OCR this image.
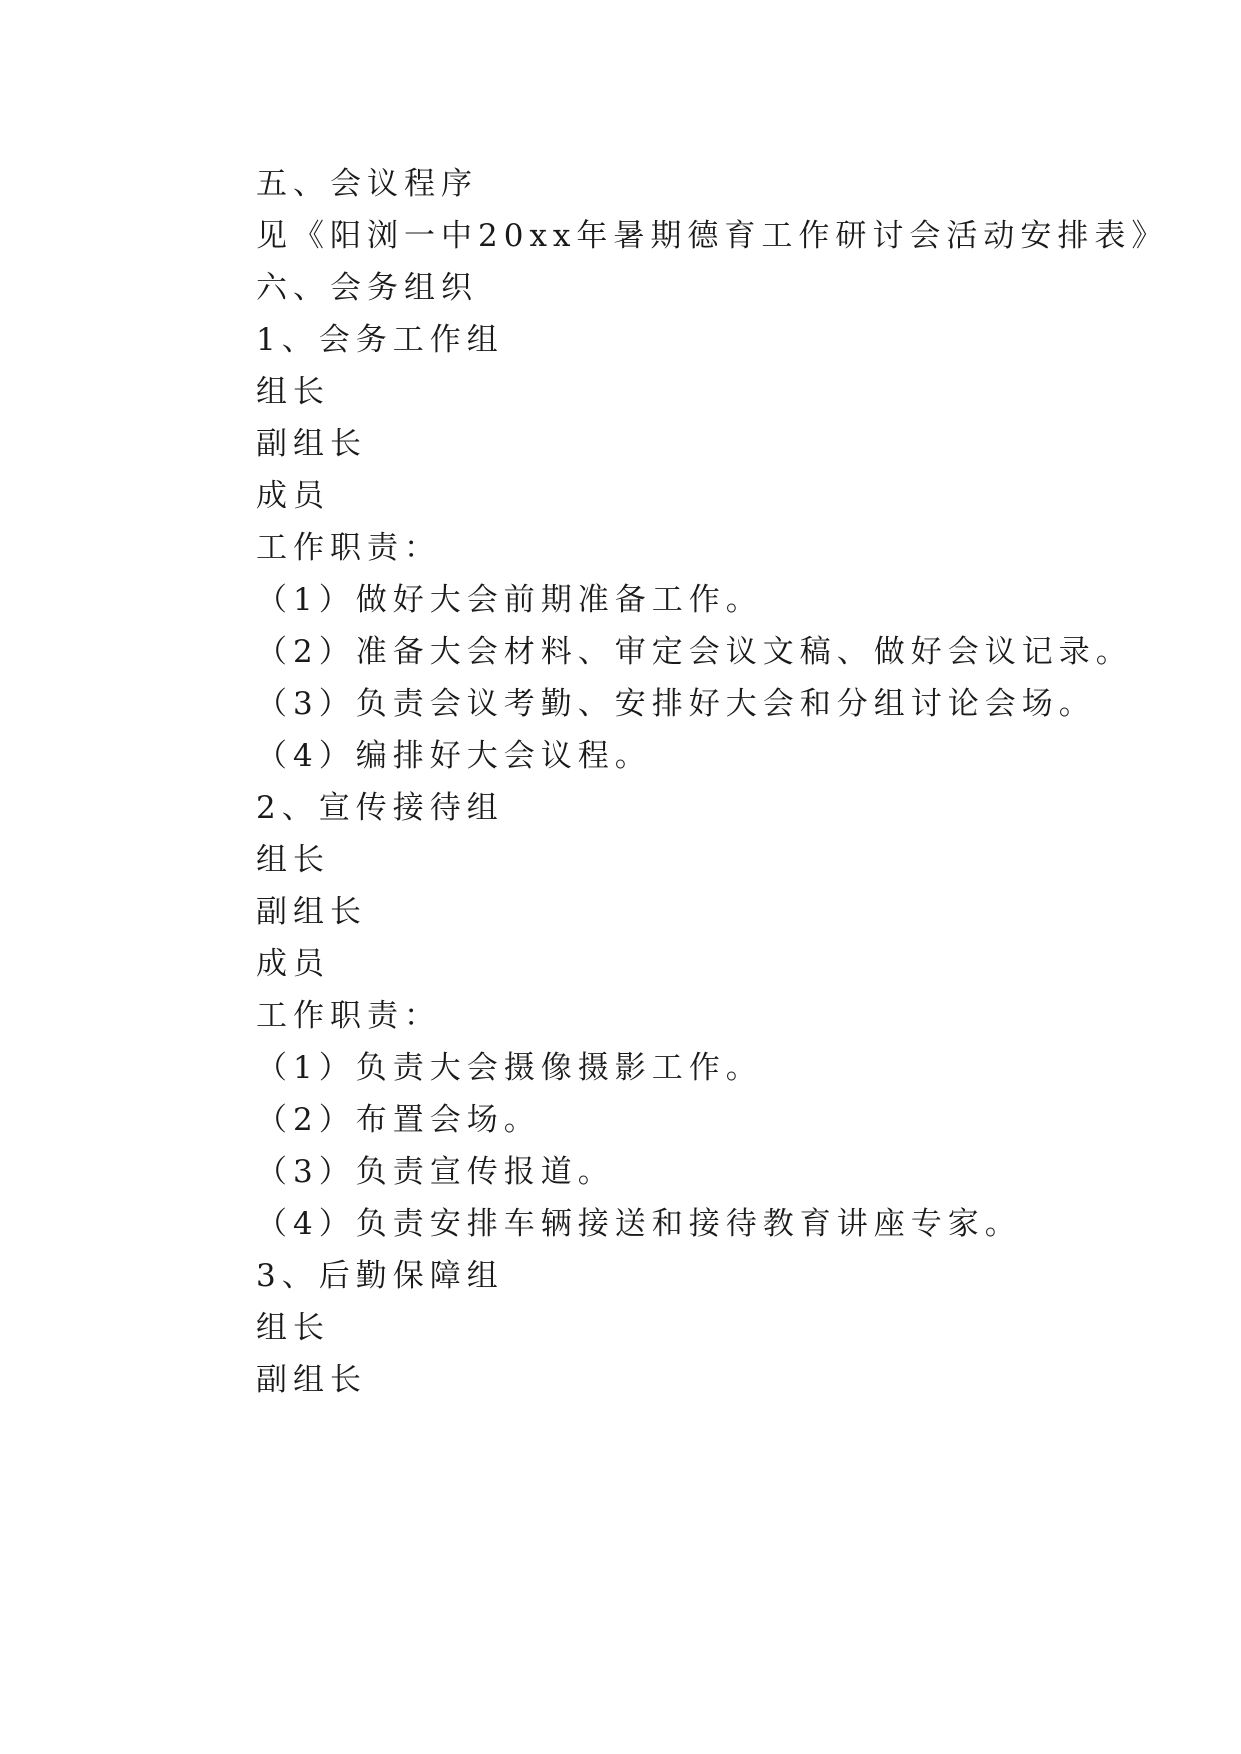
五、会议程序
见《阳浏一中20xx年暑期德育工作研讨会活动安排表》
六、会务组织
1、会务工作组
组长
副组长
成员
工作职责：
（1）做好大会前期准备工作。
（2）准备大会材料、审定会议文稿、做好会议记录。
（3）负责会议考勤、安排好大会和分组讨论会场。
（4）编排好大会议程。
2、宣传接待组
组长
副组长
成员
工作职责：
（1）负责大会摄像摄影工作。
（2）布置会场。
（3）负责宣传报道。
（4）负责安排车辆接送和接待教育讲座专家。
3、后勤保障组
组长
副组长
